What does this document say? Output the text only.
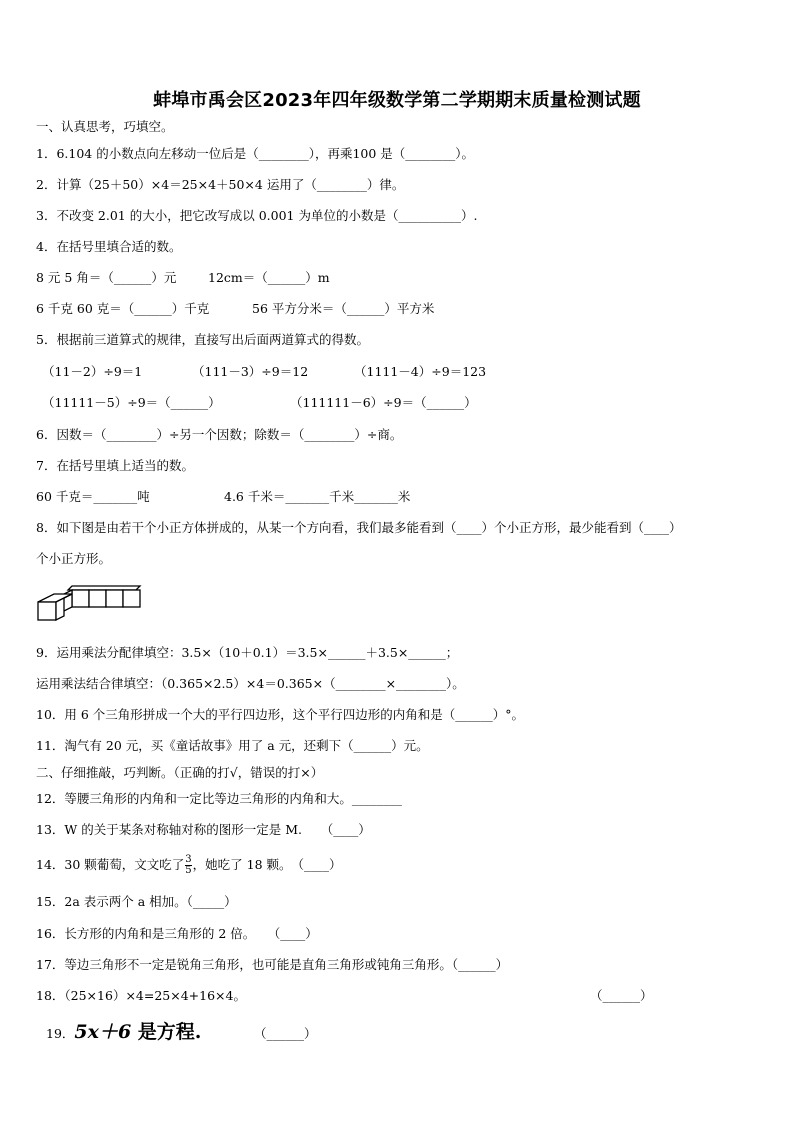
蚌埠市禹会区2023年四年级数学第二学期期末质量检测试题
一、认真思考，巧填空。
1．6.104 的小数点向左移动一位后是（________），再乘100 是（________）。
2．计算（25＋50）×4＝25×4＋50×4 运用了（________）律。
3．不改变 2.01 的大小，把它改写成以 0.001 为单位的小数是（__________）.
4．在括号里填合适的数。
8 元 5 角＝（______）元	12cm＝（______）m
6 千克 60 克＝（______）千克	56 平方分米＝（______）平方米
5．根据前三道算式的规律，直接写出后面两道算式的得数。
（11－2）÷9＝1	（111－3）÷9＝12	（1111－4）÷9＝123
（11111－5）÷9＝（______）	（111111－6）÷9＝（______）
6．因数＝（________）÷另一个因数；除数＝（________）÷商。
7．在括号里填上适当的数。
60 千克＝_______吨	4.6 千米＝_______千米_______米
8．如下图是由若干个小正方体拼成的，从某一个方向看，我们最多能看到（____）个小正方形，最少能看到（____）
个小正方形。
9．运用乘法分配律填空：3.5×（10＋0.1）＝3.5×______＋3.5×______；
运用乘法结合律填空：（0.365×2.5）×4＝0.365×（________×________）。
10．用 6 个三角形拼成一个大的平行四边形，这个平行四边形的内角和是（______）°。
11．淘气有 20 元，买《童话故事》用了 a 元，还剩下（______）元。
二、仔细推敲，巧判断。（正确的打√，错误的打×）
12．等腰三角形的内角和一定比等边三角形的内角和大。________
13．W 的关于某条对称轴对称的图形一定是 M.　　（____）
14．30 颗葡萄，文文吃了 $\frac{3}{5}$ ，她吃了 18 颗。　（____）
15．2a 表示两个 a 相加。（_____）
16．长方形的内角和是三角形的 2 倍。　　（____）
17．等边三角形不一定是锐角三角形，也可能是直角三角形或钝角三角形。（______）
18．（25×16）×4=25×4+16×4。	（______）
19．5x＋6 是方程.	（______）
